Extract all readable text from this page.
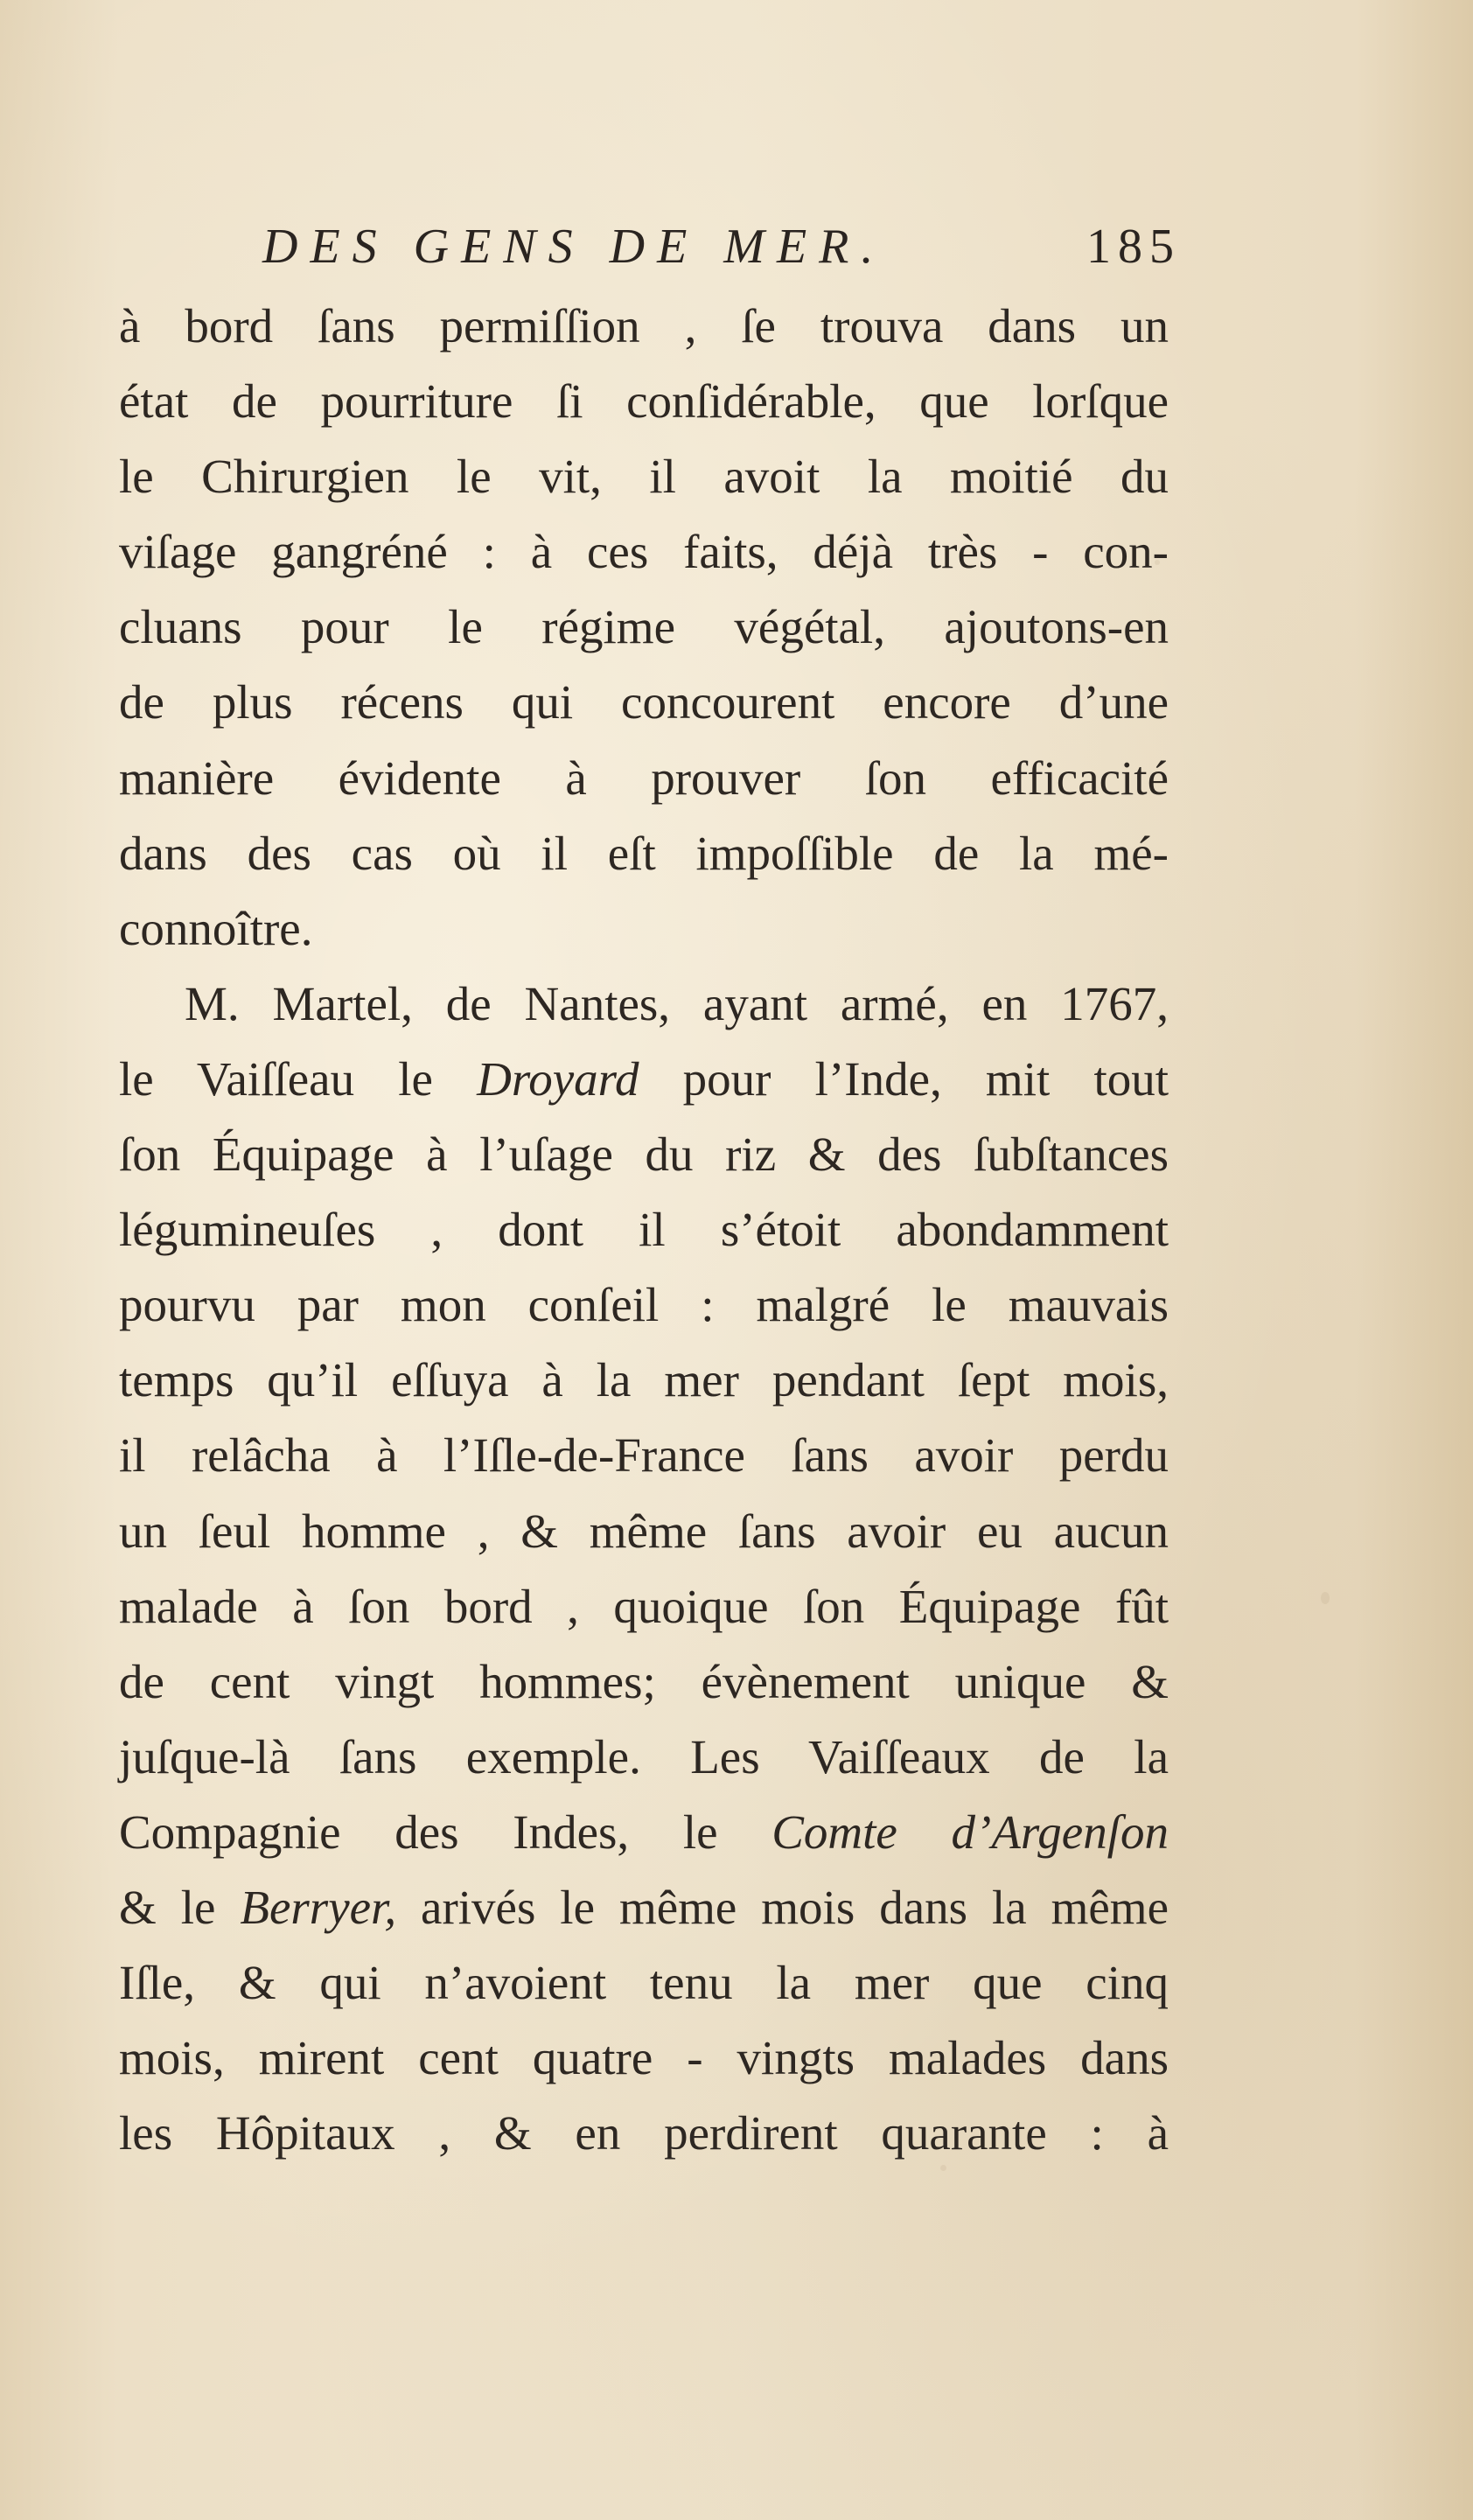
DES GENS DE MER.	185
à bord ſans permiſſion , ſe trouva dans un
état de pourriture ſi conſidérable, que lorſque
le Chirurgien le vit, il avoit la moitié du
viſage gangréné : à ces faits, déjà très - con-
cluans pour le régime végétal, ajoutons-en
de plus récens qui concourent encore d’une
manière évidente à prouver ſon efficacité
dans des cas où il eſt impoſſible de la mé-
connoître.
M. Martel, de Nantes, ayant armé, en 1767,
le Vaiſſeau le Droyard pour l’Inde, mit tout
ſon Équipage à l’uſage du riz & des ſubſtances
légumineuſes , dont il s’étoit abondamment
pourvu par mon conſeil : malgré le mauvais
temps qu’il eſſuya à la mer pendant ſept mois,
il relâcha à l’Iſle-de-France ſans avoir perdu
un ſeul homme , & même ſans avoir eu aucun
malade à ſon bord , quoique ſon Équipage fût
de cent vingt hommes; évènement unique &
juſque-là ſans exemple. Les Vaiſſeaux de la
Compagnie des Indes, le Comte d’Argenſon
& le Berryer, arivés le même mois dans la même
Iſle, & qui n’avoient tenu la mer que cinq
mois, mirent cent quatre - vingts malades dans
les Hôpitaux , & en perdirent quarante : à
